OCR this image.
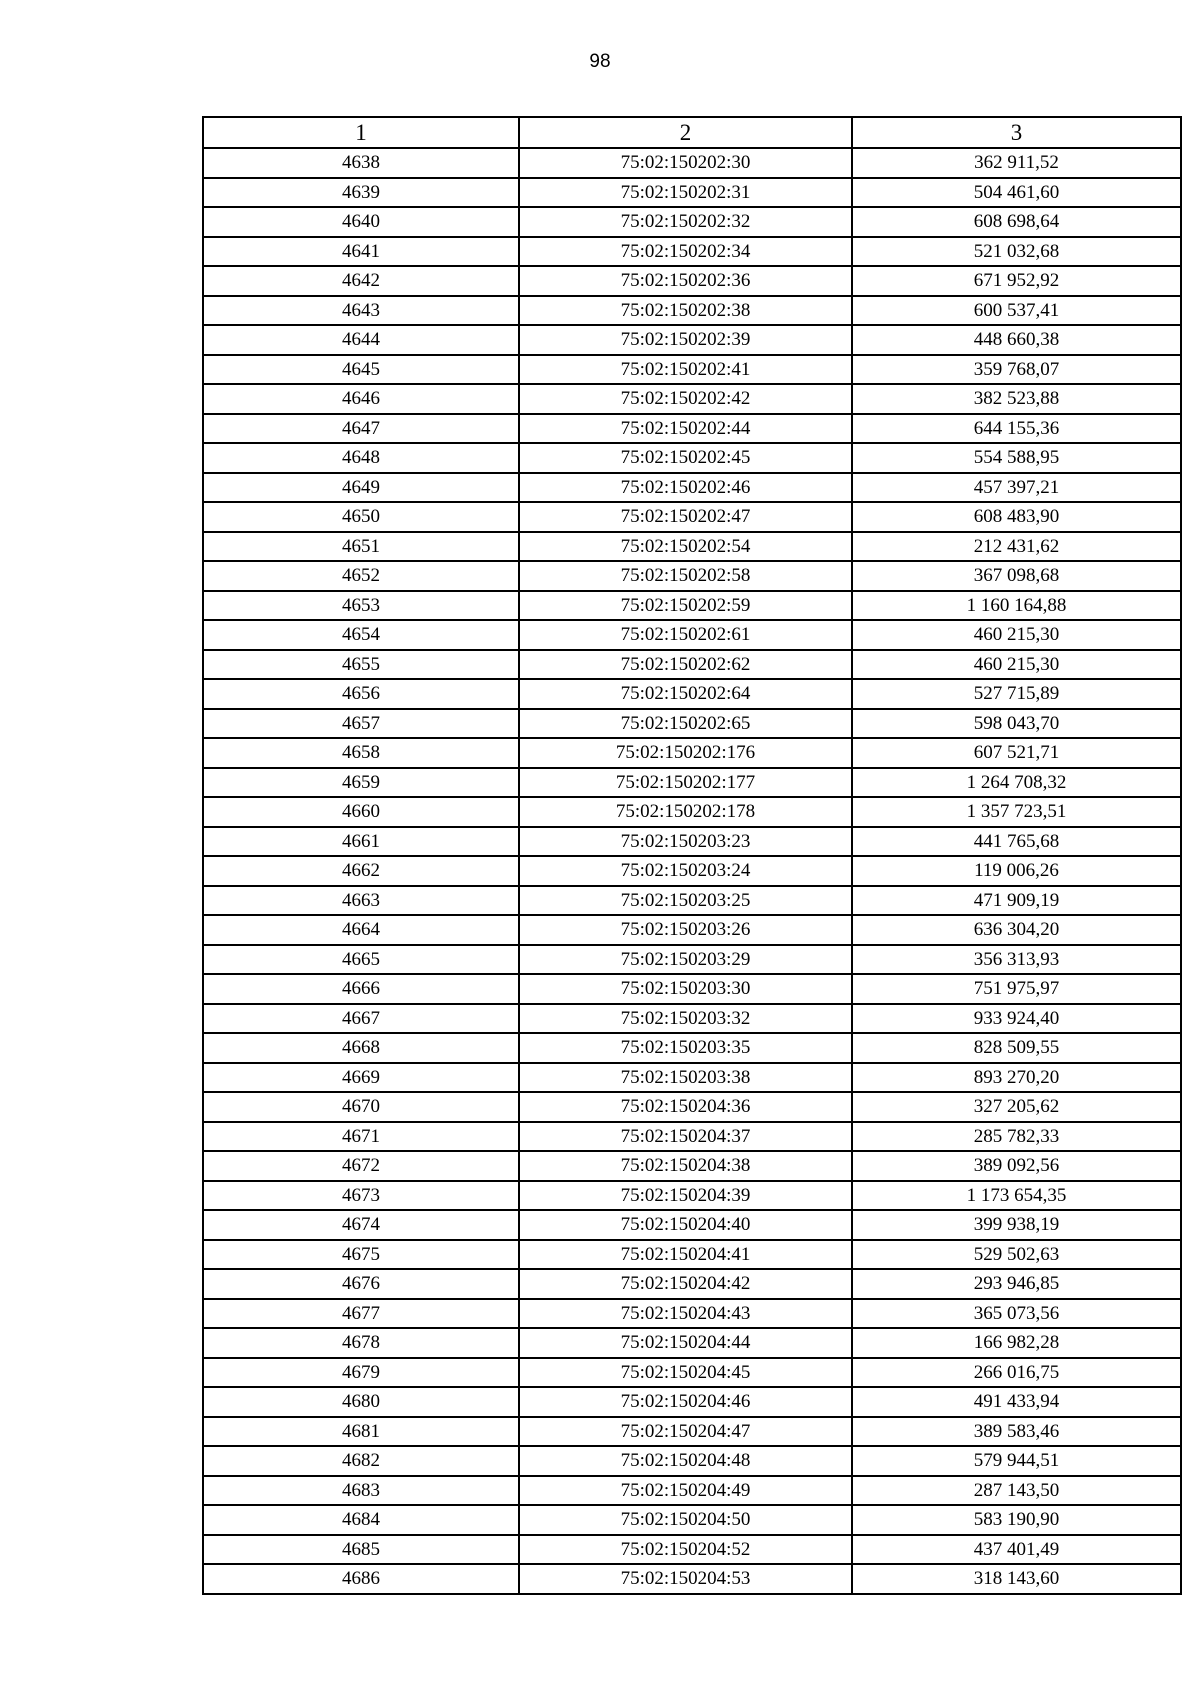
98
1	2	3
4638	75:02:150202:30	362 911,52
4639	75:02:150202:31	504 461,60
4640	75:02:150202:32	608 698,64
4641	75:02:150202:34	521 032,68
4642	75:02:150202:36	671 952,92
4643	75:02:150202:38	600 537,41
4644	75:02:150202:39	448 660,38
4645	75:02:150202:41	359 768,07
4646	75:02:150202:42	382 523,88
4647	75:02:150202:44	644 155,36
4648	75:02:150202:45	554 588,95
4649	75:02:150202:46	457 397,21
4650	75:02:150202:47	608 483,90
4651	75:02:150202:54	212 431,62
4652	75:02:150202:58	367 098,68
4653	75:02:150202:59	1 160 164,88
4654	75:02:150202:61	460 215,30
4655	75:02:150202:62	460 215,30
4656	75:02:150202:64	527 715,89
4657	75:02:150202:65	598 043,70
4658	75:02:150202:176	607 521,71
4659	75:02:150202:177	1 264 708,32
4660	75:02:150202:178	1 357 723,51
4661	75:02:150203:23	441 765,68
4662	75:02:150203:24	119 006,26
4663	75:02:150203:25	471 909,19
4664	75:02:150203:26	636 304,20
4665	75:02:150203:29	356 313,93
4666	75:02:150203:30	751 975,97
4667	75:02:150203:32	933 924,40
4668	75:02:150203:35	828 509,55
4669	75:02:150203:38	893 270,20
4670	75:02:150204:36	327 205,62
4671	75:02:150204:37	285 782,33
4672	75:02:150204:38	389 092,56
4673	75:02:150204:39	1 173 654,35
4674	75:02:150204:40	399 938,19
4675	75:02:150204:41	529 502,63
4676	75:02:150204:42	293 946,85
4677	75:02:150204:43	365 073,56
4678	75:02:150204:44	166 982,28
4679	75:02:150204:45	266 016,75
4680	75:02:150204:46	491 433,94
4681	75:02:150204:47	389 583,46
4682	75:02:150204:48	579 944,51
4683	75:02:150204:49	287 143,50
4684	75:02:150204:50	583 190,90
4685	75:02:150204:52	437 401,49
4686	75:02:150204:53	318 143,60
